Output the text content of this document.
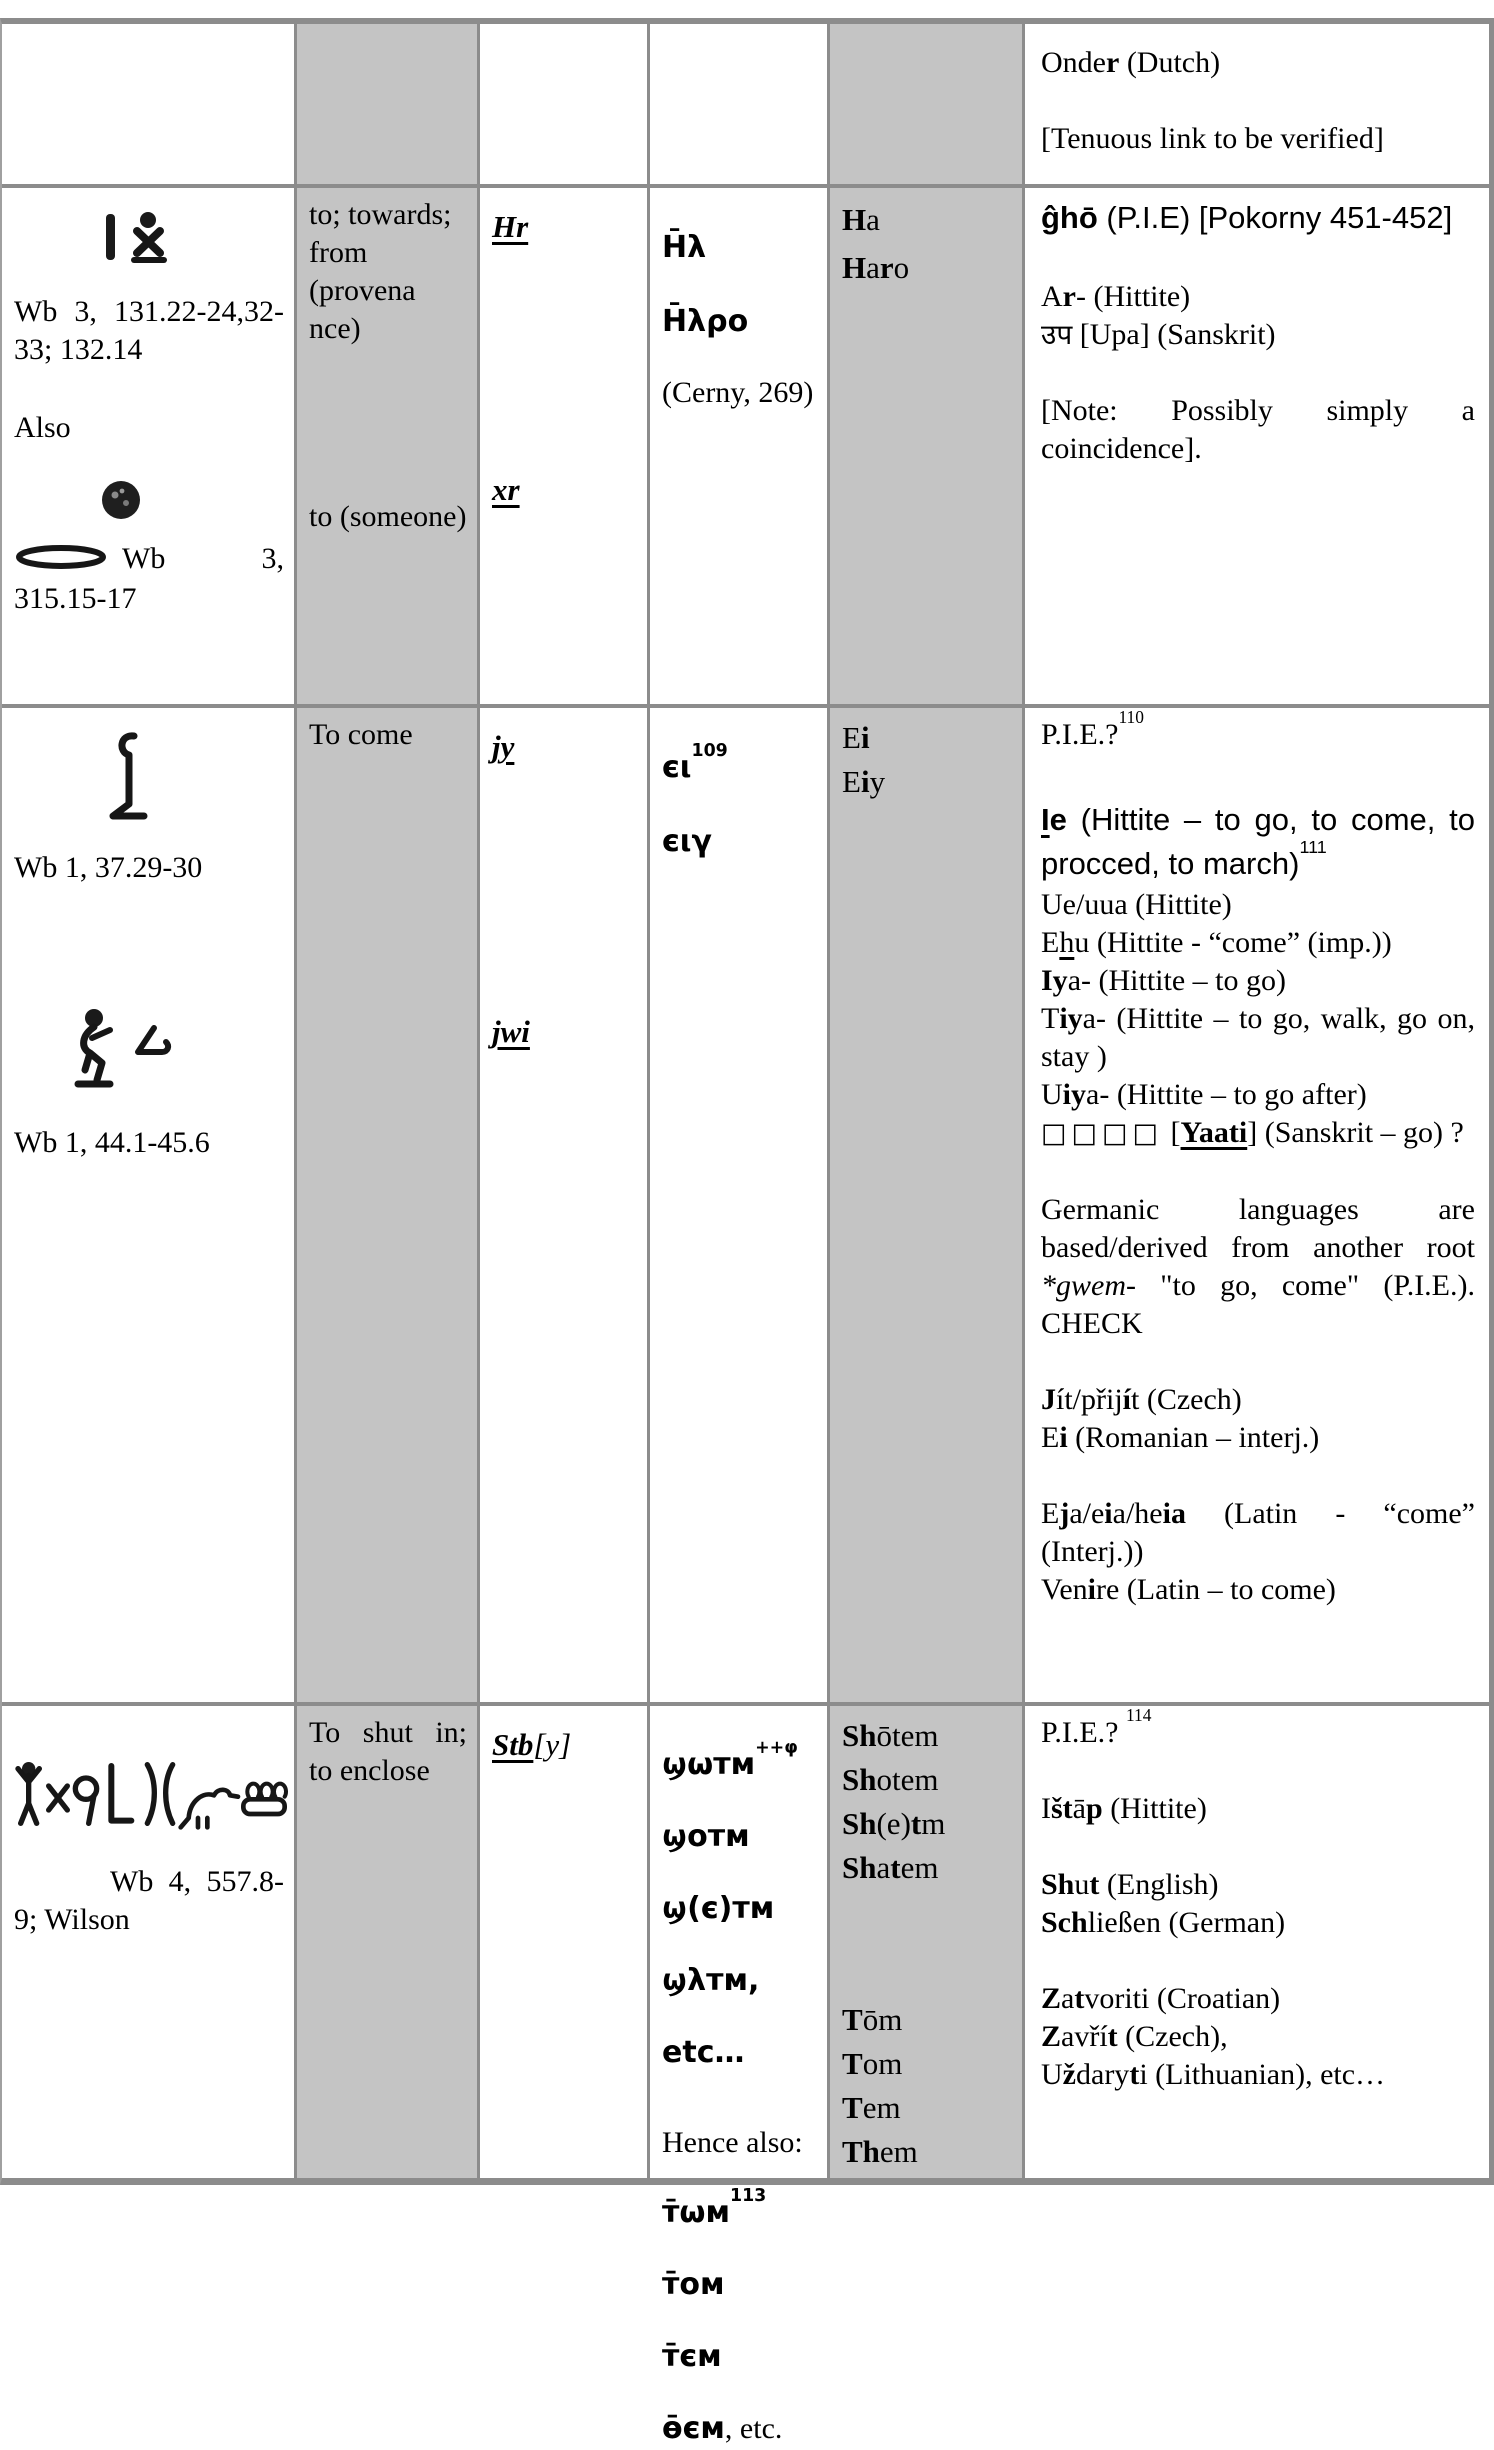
Onder (Dutch)

[Tenuous link to be verified]

Wb 3, 131.22-24,32-33; 132.14

Also

Wb 3, 315.15-17

to; towards; from (provena​nce)

to (someone​)

Hr

xr

H̄λ

H̄λρο

(Cerny, 269)

Ha

Haro

ĝhō (P.I.E) [Pokorny 451-452]

Ar- (Hittite)

उप [Upa] (Sanskrit)

[Note: Possibly simply a coincidence].

Wb 1, 37.29-30

Wb 1, 44.1-45.6

To come	jy

jwi

$є\iota^{109}$

єιγ

Ei

Eiy

P.I.E.?$^{110}$

Ie (Hittite – to go, to come, to procced, to march)$^{111}$

Ue/uua (Hittite)

Ehu (Hittite - “come” (imp.))

Iya- (Hittite – to go)

Tiya- (Hittite – to go, walk, go on, stay )

Uiya- (Hittite – to go after)

□□□□ [Yaati] (Sanskrit – go) ?

Germanic languages are based/derived from another root *gwem- "to go, come" (P.I.E.). CHECK

Jít/přijít (Czech)

Ei (Romanian – interj.)

Eja/eia/heia (Latin - “come” (Interj.))

Venire (Latin – to come)

Wb 4, 557.8-9; Wilson

To shut in; to enclose

Stb[y]

ϣωтм$^{++\varphi}$

ϣoтм

ϣ(є)тм

ϣλтм,

etc…

Hence also:

$т̄\omega м^{113}$

т̄oм

т̄єм

ѳ̄єм, etc.

Shōtem

Shotem

Sh(e)tm

Shatem

Tōm

Tom

Tem

Them

P.I.E.? $^{114}$

Ištāp (Hittite)

Shut (English)

Schließen (German)

Zatvoriti (Croatian)

Zavřít (Czech),

Uždaryti (Lithuanian), etc…
